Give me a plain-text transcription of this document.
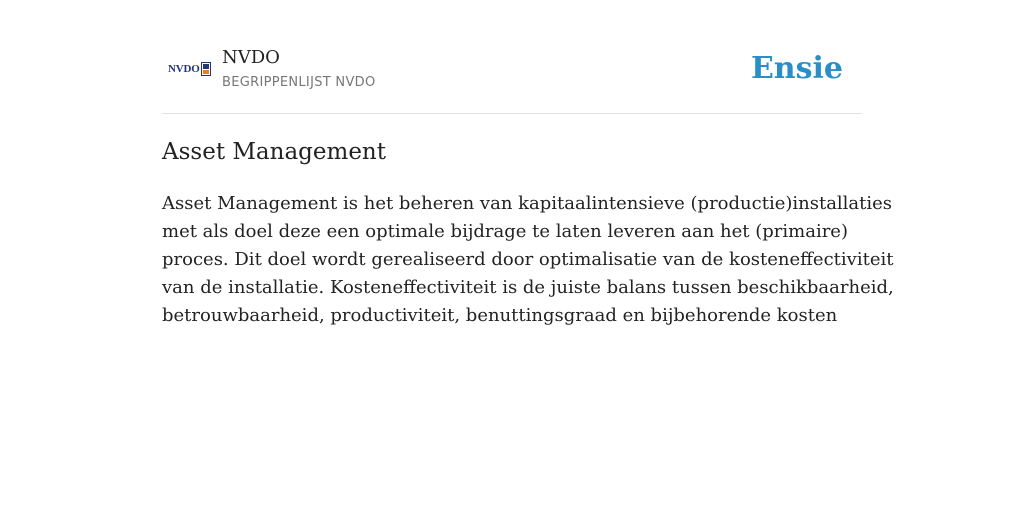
NVDO
NVDO
BEGRIPPENLIJST NVDO	Ensie
Asset Management

Asset Management is het beheren van kapitaalintensieve (productie)installaties
met als doel deze een optimale bijdrage te laten leveren aan het (primaire)
proces. Dit doel wordt gerealiseerd door optimalisatie van de kosteneffectiviteit
van de installatie. Kosteneffectiviteit is de juiste balans tussen beschikbaarheid,
betrouwbaarheid, productiviteit, benuttingsgraad en bijbehorende kosten
